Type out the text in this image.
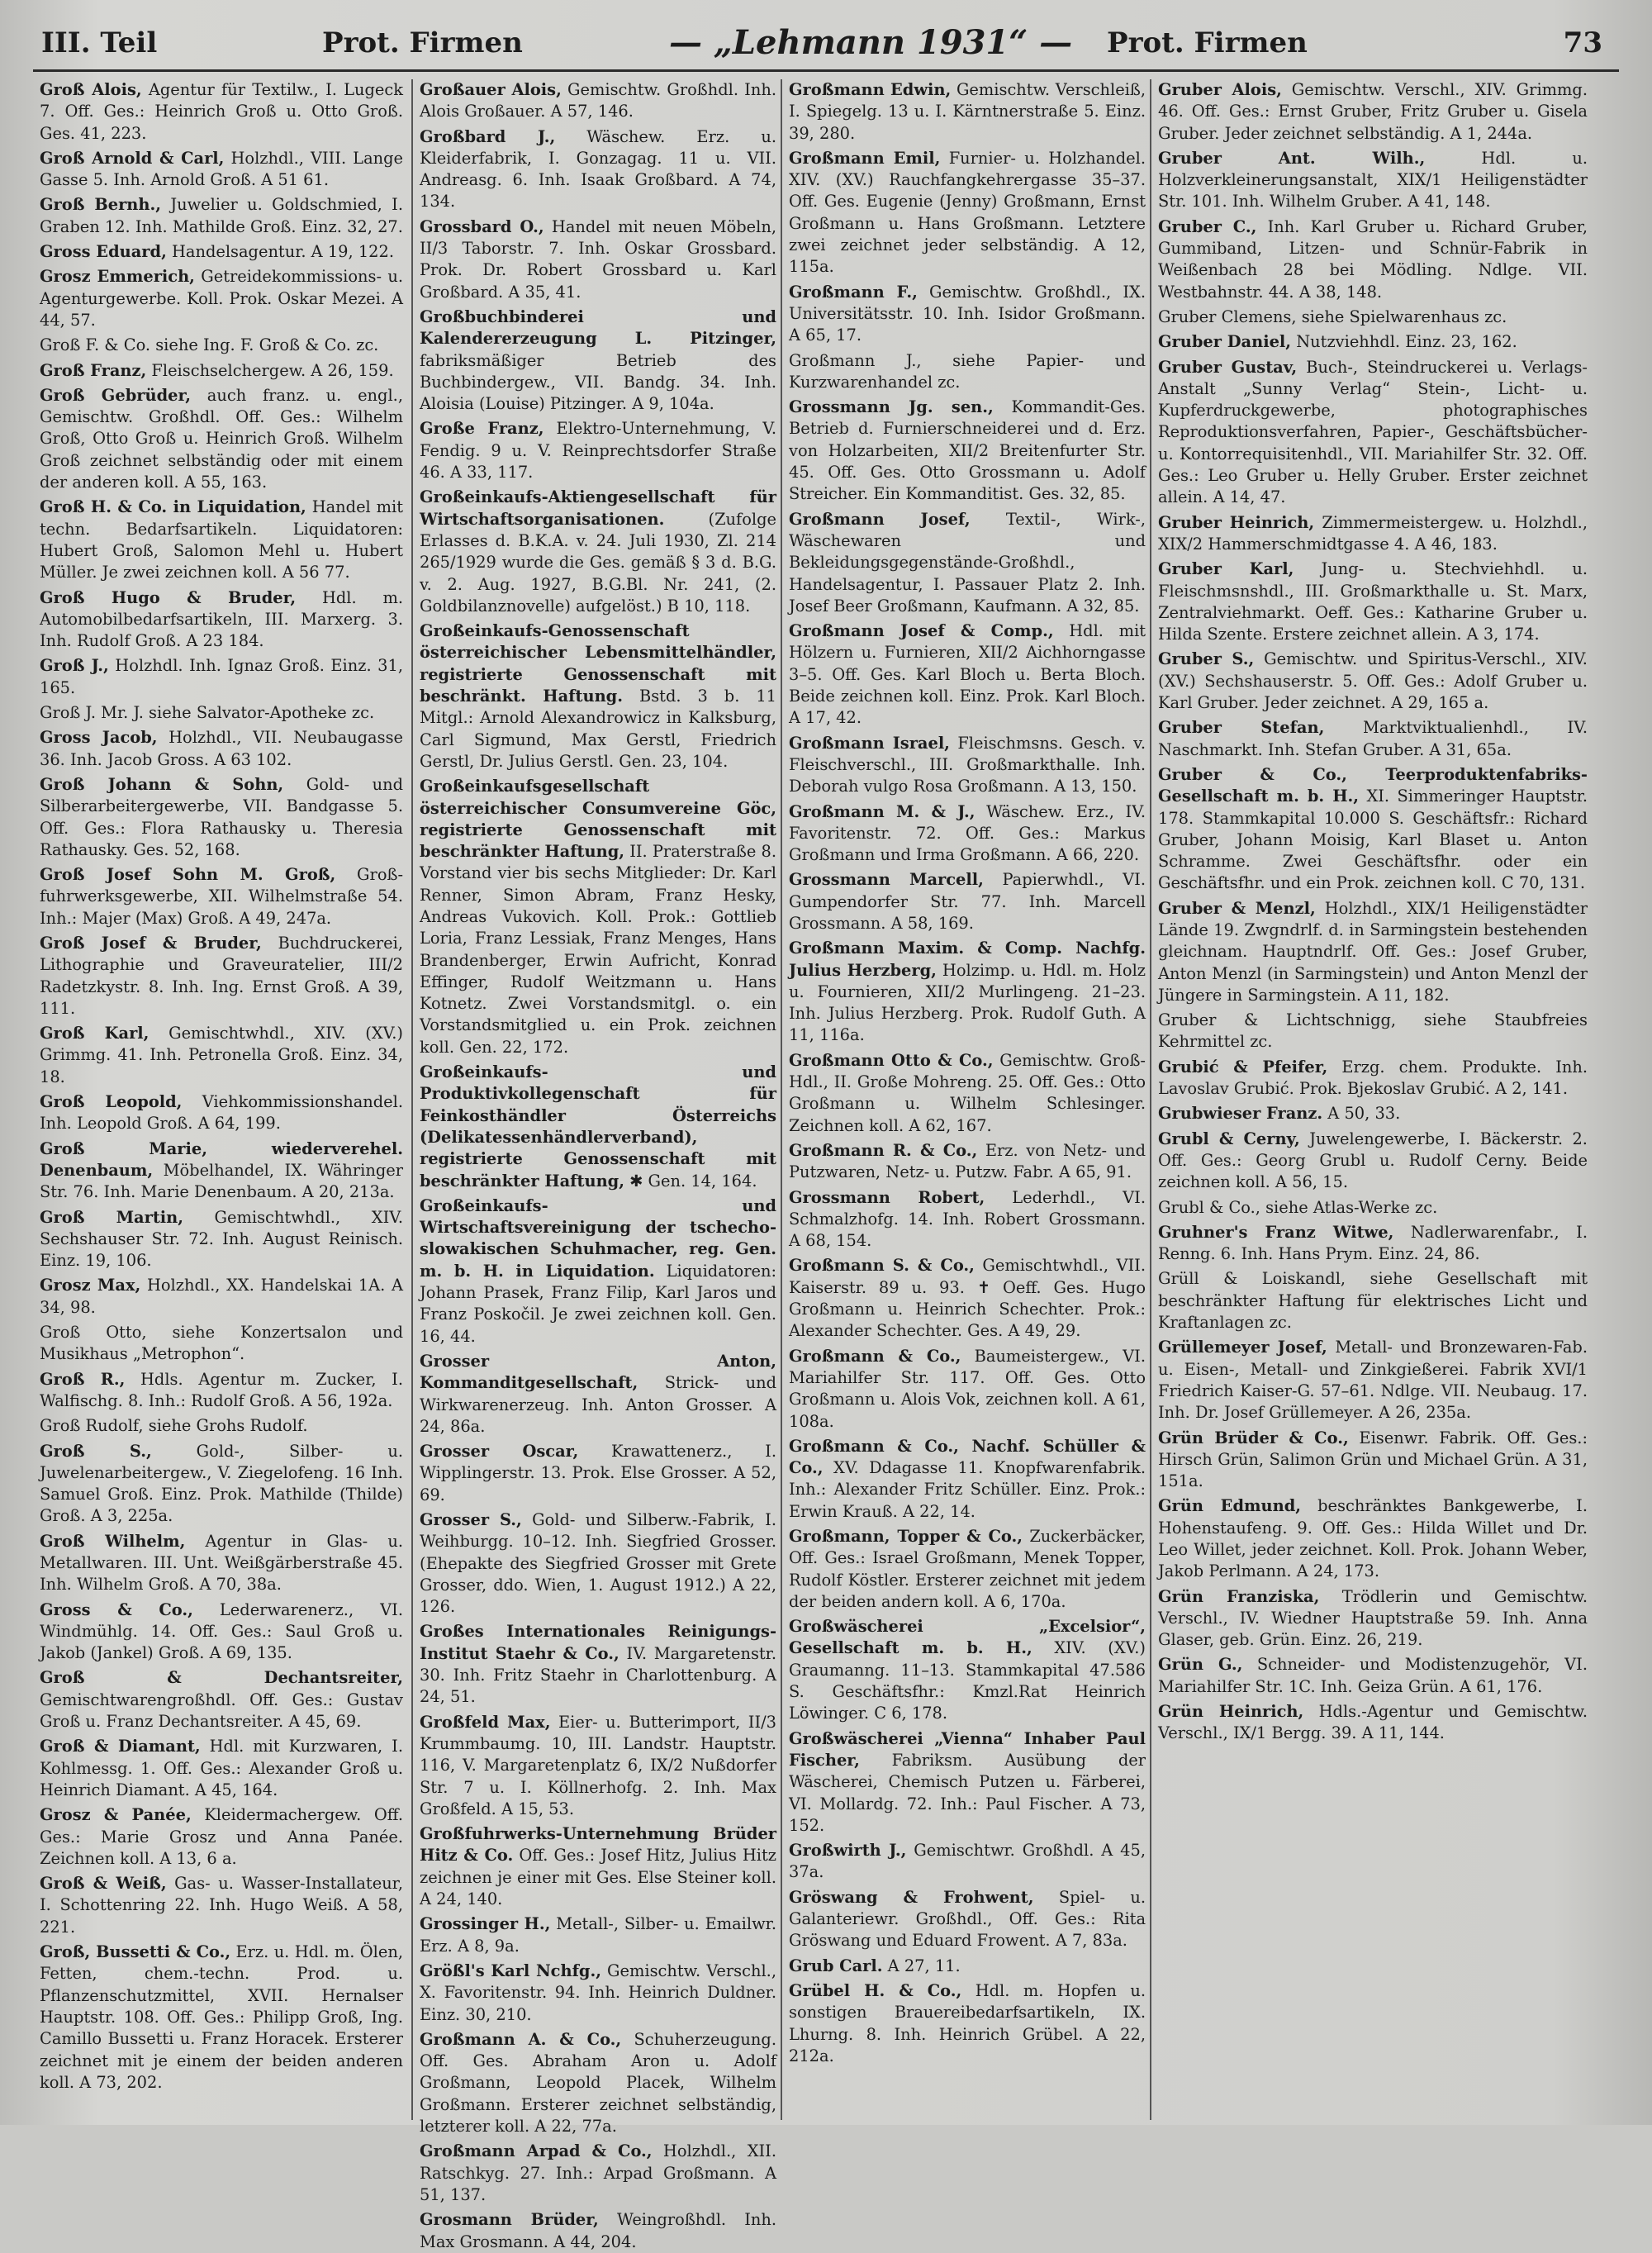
III. Teil	Prot. Firmen	— „Lehmann 1931“ — Prot. Firmen	73

Groß Alois, Agentur für Textilw., I. Lugeck 7. Off. Ges.: Heinrich Groß u. Otto Groß. Ges. 41, 223.

Groß Arnold & Carl, Holzhdl., VIII. Lange Gasse 5. Inh. Arnold Groß. A 51 61.

Groß Bernh., Juwelier u. Goldschmied, I. Graben 12. Inh. Mathilde Groß. Einz. 32, 27.

Gross Eduard, Handelsagentur. A 19, 122.

Grosz Emmerich, Getreidekommissions- u. Agenturgewerbe. Koll. Prok. Oskar Mezei. A 44, 57.

Groß F. & Co. siehe Ing. F. Groß & Co. zc.

Groß Franz, Fleischselchergew. A 26, 159.

Groß Gebrüder, auch franz. u. engl., Gemischtw. Großhdl. Off. Ges.: Wilhelm Groß, Otto Groß u. Heinrich Groß. Wilhelm Groß zeichnet selbständig oder mit einem der anderen koll. A 55, 163.

Groß H. & Co. in Liquidation, Handel mit techn. Bedarfsartikeln. Liquidatoren: Hubert Groß, Salomon Mehl u. Hubert Müller. Je zwei zeichnen koll. A 56 77.

Groß Hugo & Bruder, Hdl. m. Automobilbedarfsartikeln, III. Marxerg. 3. Inh. Rudolf Groß. A 23 184.

Groß J., Holzhdl. Inh. Ignaz Groß. Einz. 31, 165.

Groß J. Mr. J. siehe Salvator-Apotheke zc.

Gross Jacob, Holzhdl., VII. Neubaugasse 36. Inh. Jacob Gross. A 63 102.

Groß Johann & Sohn, Gold- und Silberarbeitergewerbe, VII. Bandgasse 5. Off. Ges.: Flora Rathausky u. Theresia Rathausky. Ges. 52, 168.

Groß Josef Sohn M. Groß, Groß-fuhrwerksgewerbe, XII. Wilhelmstraße 54. Inh.: Majer (Max) Groß. A 49, 247a.

Groß Josef & Bruder, Buchdruckerei, Lithographie und Graveuratelier, III/2 Radetzkystr. 8. Inh. Ing. Ernst Groß. A 39, 111.

Groß Karl, Gemischtwhdl., XIV. (XV.) Grimmg. 41. Inh. Petronella Groß. Einz. 34, 18.

Groß Leopold, Viehkommissionshandel. Inh. Leopold Groß. A 64, 199.

Groß Marie, wiederverehel. Denenbaum, Möbelhandel, IX. Währinger Str. 76. Inh. Marie Denenbaum. A 20, 213a.

Groß Martin, Gemischtwhdl., XIV. Sechshauser Str. 72. Inh. August Reinisch. Einz. 19, 106.

Grosz Max, Holzhdl., XX. Handelskai 1A. A 34, 98.

Groß Otto, siehe Konzertsalon und Musikhaus „Metrophon“.

Groß R., Hdls. Agentur m. Zucker, I. Walfischg. 8. Inh.: Rudolf Groß. A 56, 192a.

Groß Rudolf, siehe Grohs Rudolf.

Groß S., Gold-, Silber- u. Juwelenarbeitergew., V. Ziegelofeng. 16 Inh. Samuel Groß. Einz. Prok. Mathilde (Thilde) Groß. A 3, 225a.

Groß Wilhelm, Agentur in Glas- u. Metallwaren. III. Unt. Weißgärberstraße 45. Inh. Wilhelm Groß. A 70, 38a.

Gross & Co., Lederwarenerz., VI. Windmühlg. 14. Off. Ges.: Saul Groß u. Jakob (Jankel) Groß. A 69, 135.

Groß & Dechantsreiter, Gemischtwarengroßhdl. Off. Ges.: Gustav Groß u. Franz Dechantsreiter. A 45, 69.

Groß & Diamant, Hdl. mit Kurzwaren, I. Kohlmessg. 1. Off. Ges.: Alexander Groß u. Heinrich Diamant. A 45, 164.

Grosz & Panée, Kleidermachergew. Off. Ges.: Marie Grosz und Anna Panée. Zeichnen koll. A 13, 6 a.

Groß & Weiß, Gas- u. Wasser-Installateur, I. Schottenring 22. Inh. Hugo Weiß. A 58, 221.

Groß, Bussetti & Co., Erz. u. Hdl. m. Ölen, Fetten, chem.-techn. Prod. u. Pflanzenschutzmittel, XVII. Hernalser Hauptstr. 108. Off. Ges.: Philipp Groß, Ing. Camillo Bussetti u. Franz Horacek. Ersterer zeichnet mit je einem der beiden anderen koll. A 73, 202.

Großauer Alois, Gemischtw. Großhdl. Inh. Alois Großauer. A 57, 146.

Großbard J., Wäschew. Erz. u. Kleiderfabrik, I. Gonzagag. 11 u. VII. Andreasg. 6. Inh. Isaak Großbard. A 74, 134.

Grossbard O., Handel mit neuen Möbeln, II/3 Taborstr. 7. Inh. Oskar Grossbard. Prok. Dr. Robert Grossbard u. Karl Großbard. A 35, 41.

Großbuchbinderei und Kalendererzeugung L. Pitzinger, fabriksmäßiger Betrieb des Buchbindergew., VII. Bandg. 34. Inh. Aloisia (Louise) Pitzinger. A 9, 104a.

Große Franz, Elektro-Unternehmung, V. Fendig. 9 u. V. Reinprechtsdorfer Straße 46. A 33, 117.

Großeinkaufs-Aktiengesellschaft für Wirtschaftsorganisationen. (Zufolge Erlasses d. B.K.A. v. 24. Juli 1930, Zl. 214 265/1929 wurde die Ges. gemäß § 3 d. B.G. v. 2. Aug. 1927, B.G.Bl. Nr. 241, (2. Goldbilanznovelle) aufgelöst.) B 10, 118.

Großeinkaufs-Genossenschaft österreichischer Lebensmittelhändler, registrierte Genossenschaft mit beschränkt. Haftung. Bstd. 3 b. 11 Mitgl.: Arnold Alexandrowicz in Kalksburg, Carl Sigmund, Max Gerstl, Friedrich Gerstl, Dr. Julius Gerstl. Gen. 23, 104.

Großeinkaufsgesellschaft österreichischer Consumvereine Göc, registrierte Genossenschaft mit beschränkter Haftung, II. Praterstraße 8. Vorstand vier bis sechs Mitglieder: Dr. Karl Renner, Simon Abram, Franz Hesky, Andreas Vukovich. Koll. Prok.: Gottlieb Loria, Franz Lessiak, Franz Menges, Hans Brandenberger, Erwin Aufricht, Konrad Effinger, Rudolf Weitzmann u. Hans Kotnetz. Zwei Vorstandsmitgl. o. ein Vorstandsmitglied u. ein Prok. zeichnen koll. Gen. 22, 172.

Großeinkaufs- und Produktivkollegenschaft für Feinkosthändler Österreichs (Delikatessenhändlerverband), registrierte Genossenschaft mit beschränkter Haftung, ✱ Gen. 14, 164.

Großeinkaufs- und Wirtschaftsvereinigung der tschecho-slowakischen Schuhmacher, reg. Gen. m. b. H. in Liquidation. Liquidatoren: Johann Prasek, Franz Filip, Karl Jaros und Franz Poskočil. Je zwei zeichnen koll. Gen. 16, 44.

Grosser Anton, Kommanditgesellschaft, Strick- und Wirkwarenerzeug. Inh. Anton Grosser. A 24, 86a.

Grosser Oscar, Krawattenerz., I. Wipplingerstr. 13. Prok. Else Grosser. A 52, 69.

Grosser S., Gold- und Silberw.-Fabrik, I. Weihburgg. 10–12. Inh. Siegfried Grosser. (Ehepakte des Siegfried Grosser mit Grete Grosser, ddo. Wien, 1. August 1912.) A 22, 126.

Großes Internationales Reinigungs-Institut Staehr & Co., IV. Margaretenstr. 30. Inh. Fritz Staehr in Charlottenburg. A 24, 51.

Großfeld Max, Eier- u. Butterimport, II/3 Krummbaumg. 10, III. Landstr. Hauptstr. 116, V. Margaretenplatz 6, IX/2 Nußdorfer Str. 7 u. I. Köllnerhofg. 2. Inh. Max Großfeld. A 15, 53.

Großfuhrwerks-Unternehmung Brüder Hitz & Co. Off. Ges.: Josef Hitz, Julius Hitz zeichnen je einer mit Ges. Else Steiner koll. A 24, 140.

Grossinger H., Metall-, Silber- u. Emailwr. Erz. A 8, 9a.

Größl's Karl Nchfg., Gemischtw. Verschl., X. Favoritenstr. 94. Inh. Heinrich Duldner. Einz. 30, 210.

Großmann A. & Co., Schuherzeugung. Off. Ges. Abraham Aron u. Adolf Großmann, Leopold Placek, Wilhelm Großmann. Ersterer zeichnet selbständig, letzterer koll. A 22, 77a.

Großmann Arpad & Co., Holzhdl., XII. Ratschkyg. 27. Inh.: Arpad Großmann. A 51, 137.

Grosmann Brüder, Weingroßhdl. Inh. Max Grosmann. A 44, 204.

Großmann Edwin, Gemischtw. Verschleiß, I. Spiegelg. 13 u. I. Kärntnerstraße 5. Einz. 39, 280.

Großmann Emil, Furnier- u. Holzhandel. XIV. (XV.) Rauchfangkehrergasse 35–37. Off. Ges. Eugenie (Jenny) Großmann, Ernst Großmann u. Hans Großmann. Letztere zwei zeichnet jeder selbständig. A 12, 115a.

Großmann F., Gemischtw. Großhdl., IX. Universitätsstr. 10. Inh. Isidor Großmann. A 65, 17.

Großmann J., siehe Papier- und Kurzwarenhandel zc.

Grossmann Jg. sen., Kommandit-Ges. Betrieb d. Furnierschneiderei und d. Erz. von Holzarbeiten, XII/2 Breitenfurter Str. 45. Off. Ges. Otto Grossmann u. Adolf Streicher. Ein Kommanditist. Ges. 32, 85.

Großmann Josef, Textil-, Wirk-, Wäschewaren und Bekleidungsgegenstände-Großhdl., Handelsagentur, I. Passauer Platz 2. Inh. Josef Beer Großmann, Kaufmann. A 32, 85.

Großmann Josef & Comp., Hdl. mit Hölzern u. Furnieren, XII/2 Aichhorngasse 3–5. Off. Ges. Karl Bloch u. Berta Bloch. Beide zeichnen koll. Einz. Prok. Karl Bloch. A 17, 42.

Großmann Israel, Fleischmsns. Gesch. v. Fleischverschl., III. Großmarkthalle. Inh. Deborah vulgo Rosa Großmann. A 13, 150.

Großmann M. & J., Wäschew. Erz., IV. Favoritenstr. 72. Off. Ges.: Markus Großmann und Irma Großmann. A 66, 220.

Grossmann Marcell, Papierwhdl., VI. Gumpendorfer Str. 77. Inh. Marcell Grossmann. A 58, 169.

Großmann Maxim. & Comp. Nachfg. Julius Herzberg, Holzimp. u. Hdl. m. Holz u. Fournieren, XII/2 Murlingeng. 21–23. Inh. Julius Herzberg. Prok. Rudolf Guth. A 11, 116a.

Großmann Otto & Co., Gemischtw. Groß-Hdl., II. Große Mohreng. 25. Off. Ges.: Otto Großmann u. Wilhelm Schlesinger. Zeichnen koll. A 62, 167.

Großmann R. & Co., Erz. von Netz- und Putzwaren, Netz- u. Putzw. Fabr. A 65, 91.

Grossmann Robert, Lederhdl., VI. Schmalzhofg. 14. Inh. Robert Grossmann. A 68, 154.

Großmann S. & Co., Gemischtwhdl., VII. Kaiserstr. 89 u. 93. ✝ Oeff. Ges. Hugo Großmann u. Heinrich Schechter. Prok.: Alexander Schechter. Ges. A 49, 29.

Großmann & Co., Baumeistergew., VI. Mariahilfer Str. 117. Off. Ges. Otto Großmann u. Alois Vok, zeichnen koll. A 61, 108a.

Großmann & Co., Nachf. Schüller & Co., XV. Ddagasse 11. Knopfwarenfabrik. Inh.: Alexander Fritz Schüller. Einz. Prok.: Erwin Krauß. A 22, 14.

Großmann, Topper & Co., Zuckerbäcker, Off. Ges.: Israel Großmann, Menek Topper, Rudolf Köstler. Ersterer zeichnet mit jedem der beiden andern koll. A 6, 170a.

Großwäscherei „Excelsior“, Gesellschaft m. b. H., XIV. (XV.) Graumanng. 11–13. Stammkapital 47.586 S. Geschäftsfhr.: Kmzl.Rat Heinrich Löwinger. C 6, 178.

Großwäscherei „Vienna“ Inhaber Paul Fischer, Fabriksm. Ausübung der Wäscherei, Chemisch Putzen u. Färberei, VI. Mollardg. 72. Inh.: Paul Fischer. A 73, 152.

Großwirth J., Gemischtwr. Großhdl. A 45, 37a.

Gröswang & Frohwent, Spiel- u. Galanteriewr. Großhdl., Off. Ges.: Rita Gröswang und Eduard Frowent. A 7, 83a.

Grub Carl. A 27, 11.

Grübel H. & Co., Hdl. m. Hopfen u. sonstigen Brauereibedarfsartikeln, IX. Lhurng. 8. Inh. Heinrich Grübel. A 22, 212a.

Gruber Alois, Gemischtw. Verschl., XIV. Grimmg. 46. Off. Ges.: Ernst Gruber, Fritz Gruber u. Gisela Gruber. Jeder zeichnet selbständig. A 1, 244a.

Gruber Ant. Wilh., Hdl. u. Holzverkleinerungsanstalt, XIX/1 Heiligenstädter Str. 101. Inh. Wilhelm Gruber. A 41, 148.

Gruber C., Inh. Karl Gruber u. Richard Gruber, Gummiband, Litzen- und Schnür-Fabrik in Weißenbach 28 bei Mödling. Ndlge. VII. Westbahnstr. 44. A 38, 148.

Gruber Clemens, siehe Spielwarenhaus zc.

Gruber Daniel, Nutzviehhdl. Einz. 23, 162.

Gruber Gustav, Buch-, Steindruckerei u. Verlags-Anstalt „Sunny Verlag“ Stein-, Licht- u. Kupferdruckgewerbe, photographisches Reproduktionsverfahren, Papier-, Geschäftsbücher- u. Kontorrequisitenhdl., VII. Mariahilfer Str. 32. Off. Ges.: Leo Gruber u. Helly Gruber. Erster zeichnet allein. A 14, 47.

Gruber Heinrich, Zimmermeistergew. u. Holzhdl., XIX/2 Hammerschmidtgasse 4. A 46, 183.

Gruber Karl, Jung- u. Stechviehhdl. u. Fleischmsnshdl., III. Großmarkthalle u. St. Marx, Zentralviehmarkt. Oeff. Ges.: Katharine Gruber u. Hilda Szente. Erstere zeichnet allein. A 3, 174.

Gruber S., Gemischtw. und Spiritus-Verschl., XIV. (XV.) Sechshauserstr. 5. Off. Ges.: Adolf Gruber u. Karl Gruber. Jeder zeichnet. A 29, 165 a.

Gruber Stefan, Marktviktualienhdl., IV. Naschmarkt. Inh. Stefan Gruber. A 31, 65a.

Gruber & Co., Teerproduktenfabriks-Gesellschaft m. b. H., XI. Simmeringer Hauptstr. 178. Stammkapital 10.000 S. Geschäftsfr.: Richard Gruber, Johann Moisig, Karl Blaset u. Anton Schramme. Zwei Geschäftsfhr. oder ein Geschäftsfhr. und ein Prok. zeichnen koll. C 70, 131.

Gruber & Menzl, Holzhdl., XIX/1 Heiligenstädter Lände 19. Zwgndrlf. d. in Sarmingstein bestehenden gleichnam. Hauptndrlf. Off. Ges.: Josef Gruber, Anton Menzl (in Sarmingstein) und Anton Menzl der Jüngere in Sarmingstein. A 11, 182.

Gruber & Lichtschnigg, siehe Staubfreies Kehrmittel zc.

Grubić & Pfeifer, Erzg. chem. Produkte. Inh. Lavoslav Grubić. Prok. Bjekoslav Grubić. A 2, 141.

Grubwieser Franz. A 50, 33.

Grubl & Cerny, Juwelengewerbe, I. Bäckerstr. 2. Off. Ges.: Georg Grubl u. Rudolf Cerny. Beide zeichnen koll. A 56, 15.

Grubl & Co., siehe Atlas-Werke zc.

Gruhner's Franz Witwe, Nadlerwarenfabr., I. Renng. 6. Inh. Hans Prym. Einz. 24, 86.

Grüll & Loiskandl, siehe Gesellschaft mit beschränkter Haftung für elektrisches Licht und Kraftanlagen zc.

Grüllemeyer Josef, Metall- und Bronzewaren-Fab. u. Eisen-, Metall- und Zinkgießerei. Fabrik XVI/1 Friedrich Kaiser-G. 57–61. Ndlge. VII. Neubaug. 17. Inh. Dr. Josef Grüllemeyer. A 26, 235a.

Grün Brüder & Co., Eisenwr. Fabrik. Off. Ges.: Hirsch Grün, Salimon Grün und Michael Grün. A 31, 151a.

Grün Edmund, beschränktes Bankgewerbe, I. Hohenstaufeng. 9. Off. Ges.: Hilda Willet und Dr. Leo Willet, jeder zeichnet. Koll. Prok. Johann Weber, Jakob Perlmann. A 24, 173.

Grün Franziska, Trödlerin und Gemischtw. Verschl., IV. Wiedner Hauptstraße 59. Inh. Anna Glaser, geb. Grün. Einz. 26, 219.

Grün G., Schneider- und Modistenzugehör, VI. Mariahilfer Str. 1C. Inh. Geiza Grün. A 61, 176.

Grün Heinrich, Hdls.-Agentur und Gemischtw. Verschl., IX/1 Bergg. 39. A 11, 144.
